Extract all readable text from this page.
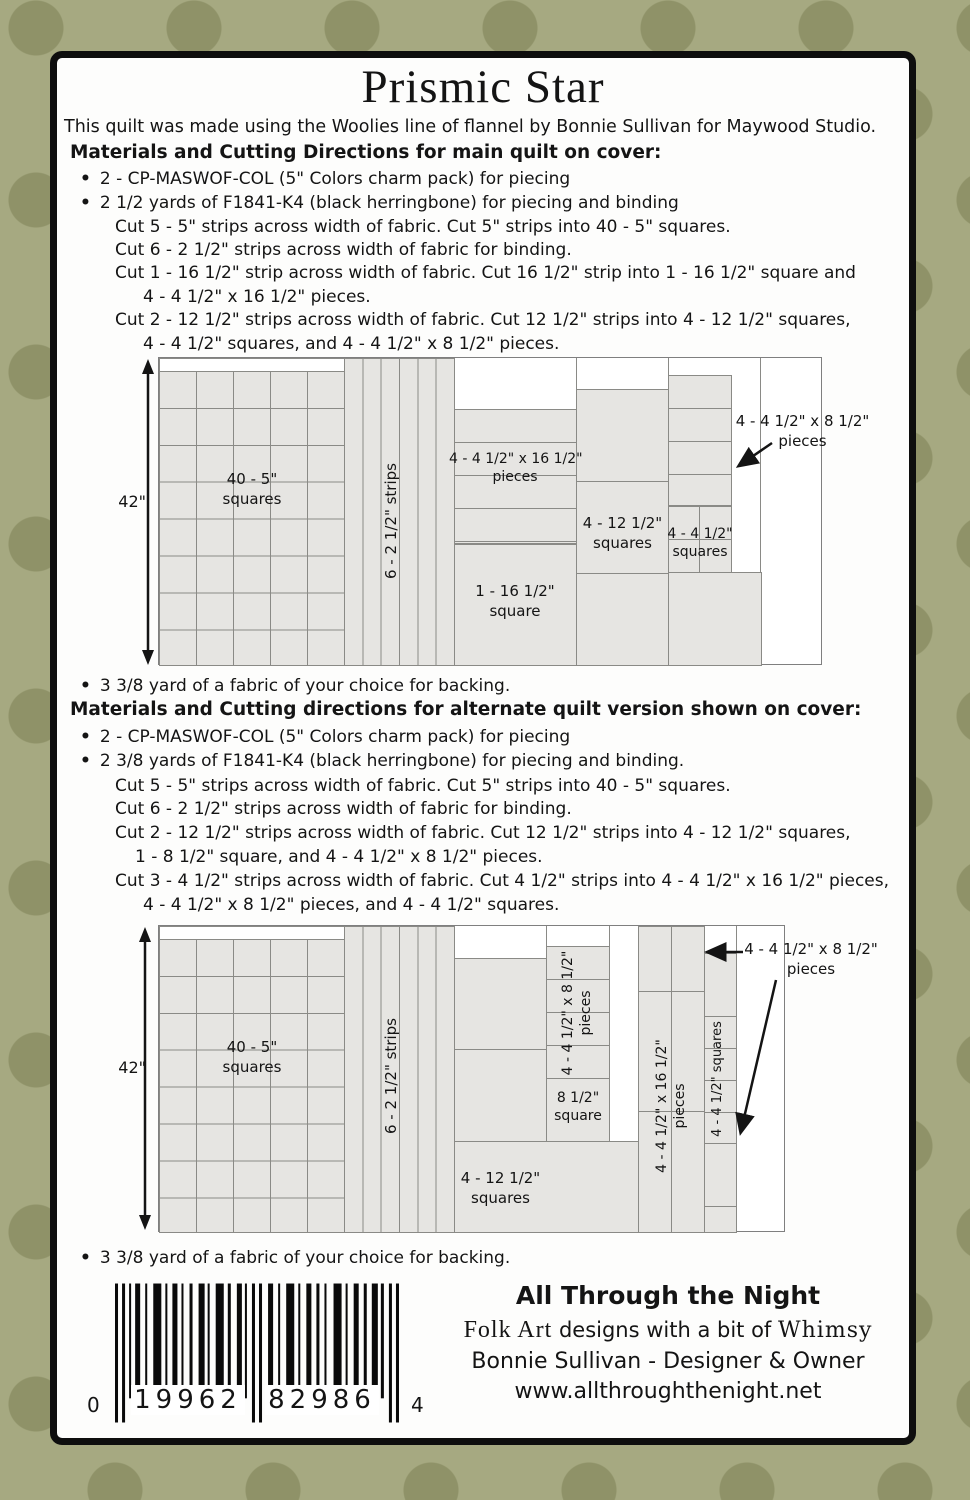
Prismic Star
This quilt was made using the Woolies line of flannel by Bonnie Sullivan for Maywood Studio.
Materials and Cutting Directions for main quilt on cover:
• 2 - CP-MASWOF-COL (5" Colors charm pack) for piecing
• 2 1/2 yards of F1841-K4 (black herringbone) for piecing and binding
Cut 5 - 5" strips across width of fabric. Cut 5" strips into 40 - 5" squares.
Cut 6 - 2 1/2" strips across width of fabric for binding.
Cut 1 - 16 1/2" strip across width of fabric. Cut 16 1/2" strip into 1 - 16 1/2" square and
4 - 4 1/2" x 16 1/2" pieces.
Cut 2 - 12 1/2" strips across width of fabric. Cut 12 1/2" strips into 4 - 12 1/2" squares,
4 - 4 1/2" squares, and 4 - 4 1/2" x 8 1/2" pieces.
40 - 5"
squares	6 - 2 1/2" strips
4 - 4 1/2" x 16 1/2"
pieces
1 - 16 1/2"
square
4 - 12 1/2"
squares	4 - 4 1/2"
squares
42"
4 - 4 1/2" x 8 1/2"
pieces
• 3 3/8 yard of a fabric of your choice for backing.
Materials and Cutting directions for alternate quilt version shown on cover:
• 2 - CP-MASWOF-COL (5" Colors charm pack) for piecing
• 2 3/8 yards of F1841-K4 (black herringbone) for piecing and binding.
Cut 5 - 5" strips across width of fabric. Cut 5" strips into 40 - 5" squares.
Cut 6 - 2 1/2" strips across width of fabric for binding.
Cut 2 - 12 1/2" strips across width of fabric. Cut 12 1/2" strips into 4 - 12 1/2" squares,
1 - 8 1/2" square, and 4 - 4 1/2" x 8 1/2" pieces.
Cut 3 - 4 1/2" strips across width of fabric. Cut 4 1/2" strips into 4 - 4 1/2" x 16 1/2" pieces,
4 - 4 1/2" x 8 1/2" pieces, and 4 - 4 1/2" squares.
40 - 5"
squares	6 - 2 1/2" strips
4 - 12 1/2"
squares
4 - 4 1/2" x 8 1/2" pieces
8 1/2"
square	4 - 4 1/2" x 16 1/2" pieces 4 - 4 1/2" squares
42"
4 - 4 1/2" x 8 1/2"
pieces
• 3 3/8 yard of a fabric of your choice for backing.
0 19962 82986 4
All Through the Night
Folk Art designs with a bit of Whimsy
Bonnie Sullivan - Designer & Owner
www.allthroughthenight.net
